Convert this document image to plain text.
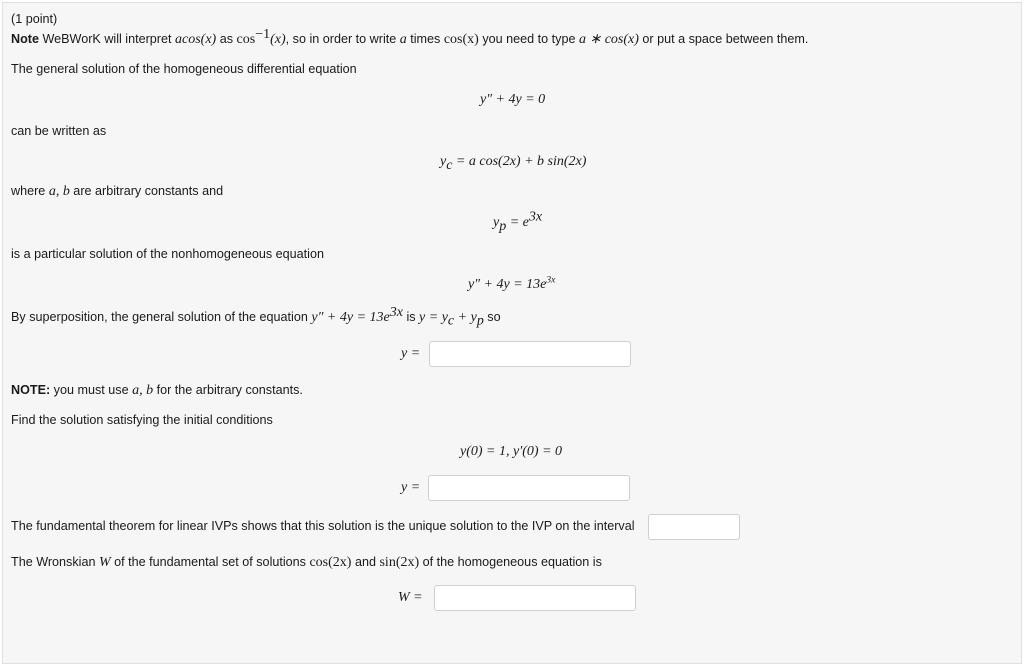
(1 point)
Note WeBWorK will interpret acos(x) as $\cos^{-1}(x)$, so in order to write a times cos(x) you need to type a ∗ cos(x) or put a space between them.
The general solution of the homogeneous differential equation
y″ + 4y = 0
can be written as
$y_c = a$ cos(2x) + b sin(2x)
where a, b are arbitrary constants and
$y_p = e^{3x}$
is a particular solution of the nonhomogeneous equation
$y'' + 4y = 13e^{3x}$
By superposition, the general solution of the equation $y'' + 4y = 13e^{3x}$ is $y = y_c + y_p$ so
y =
NOTE: you must use a, b for the arbitrary constants.
Find the solution satisfying the initial conditions
y(0) = 1, y′(0) = 0
y =
The fundamental theorem for linear IVPs shows that this solution is the unique solution to the IVP on the interval
The Wronskian W of the fundamental set of solutions cos(2x) and sin(2x) of the homogeneous equation is
W =
